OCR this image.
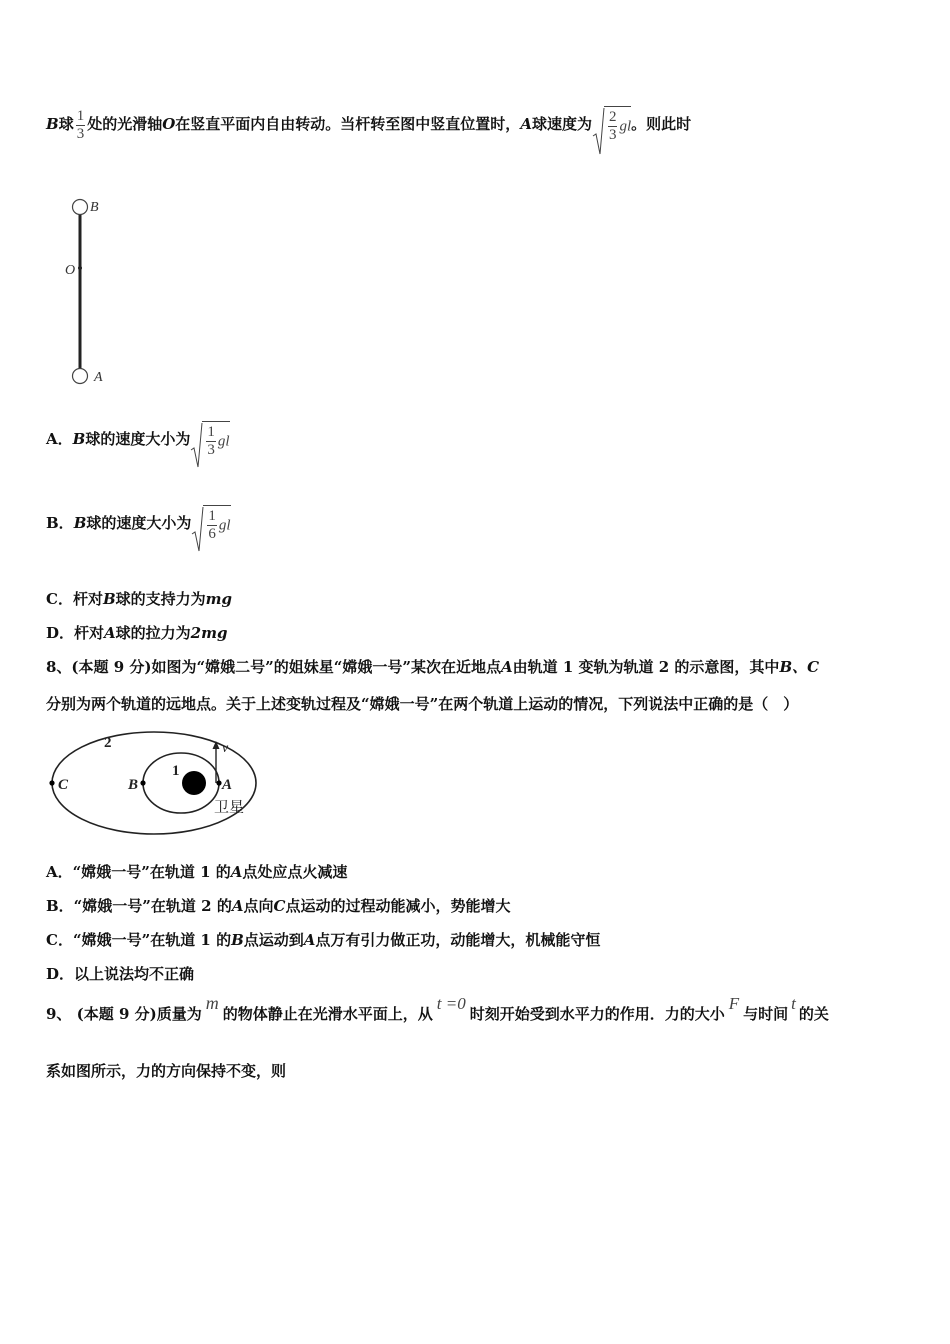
B球 $\frac{1}{3}$ 处的光滑轴O在竖直平面内自由转动。当杆转至图中竖直位置时，A球速度为 $\frac{2}{3}$ gl。则此时
B
O
A
A．B球的速度大小为 $\frac{1}{3}$ gl
B．B球的速度大小为 $\frac{1}{6}$ gl
C．杆对B球的支持力为mg
D．杆对A球的拉力为2mg
8、(本题 9 分)如图为“嫦娥二号”的姐妹星“嫦娥一号”某次在近地点A由轨道 1 变轨为轨道 2 的示意图，其中B、C
分别为两个轨道的远地点。关于上述变轨过程及“嫦娥一号”在两个轨道上运动的情况，下列说法中正确的是（　）
2	v
1
C	B	A
卫星
A．“嫦娥一号”在轨道 1 的A点处应点火减速
B．“嫦娥一号”在轨道 2 的A点向C点运动的过程动能减小，势能增大
C．“嫦娥一号”在轨道 1 的B点运动到A点万有引力做正功，动能增大，机械能守恒
D．以上说法均不正确
9、 (本题 9 分)质量为m的物体静止在光滑水平面上，从t =0时刻开始受到水平力的作用．力的大小F与时间t的关
系如图所示，力的方向保持不变，则
